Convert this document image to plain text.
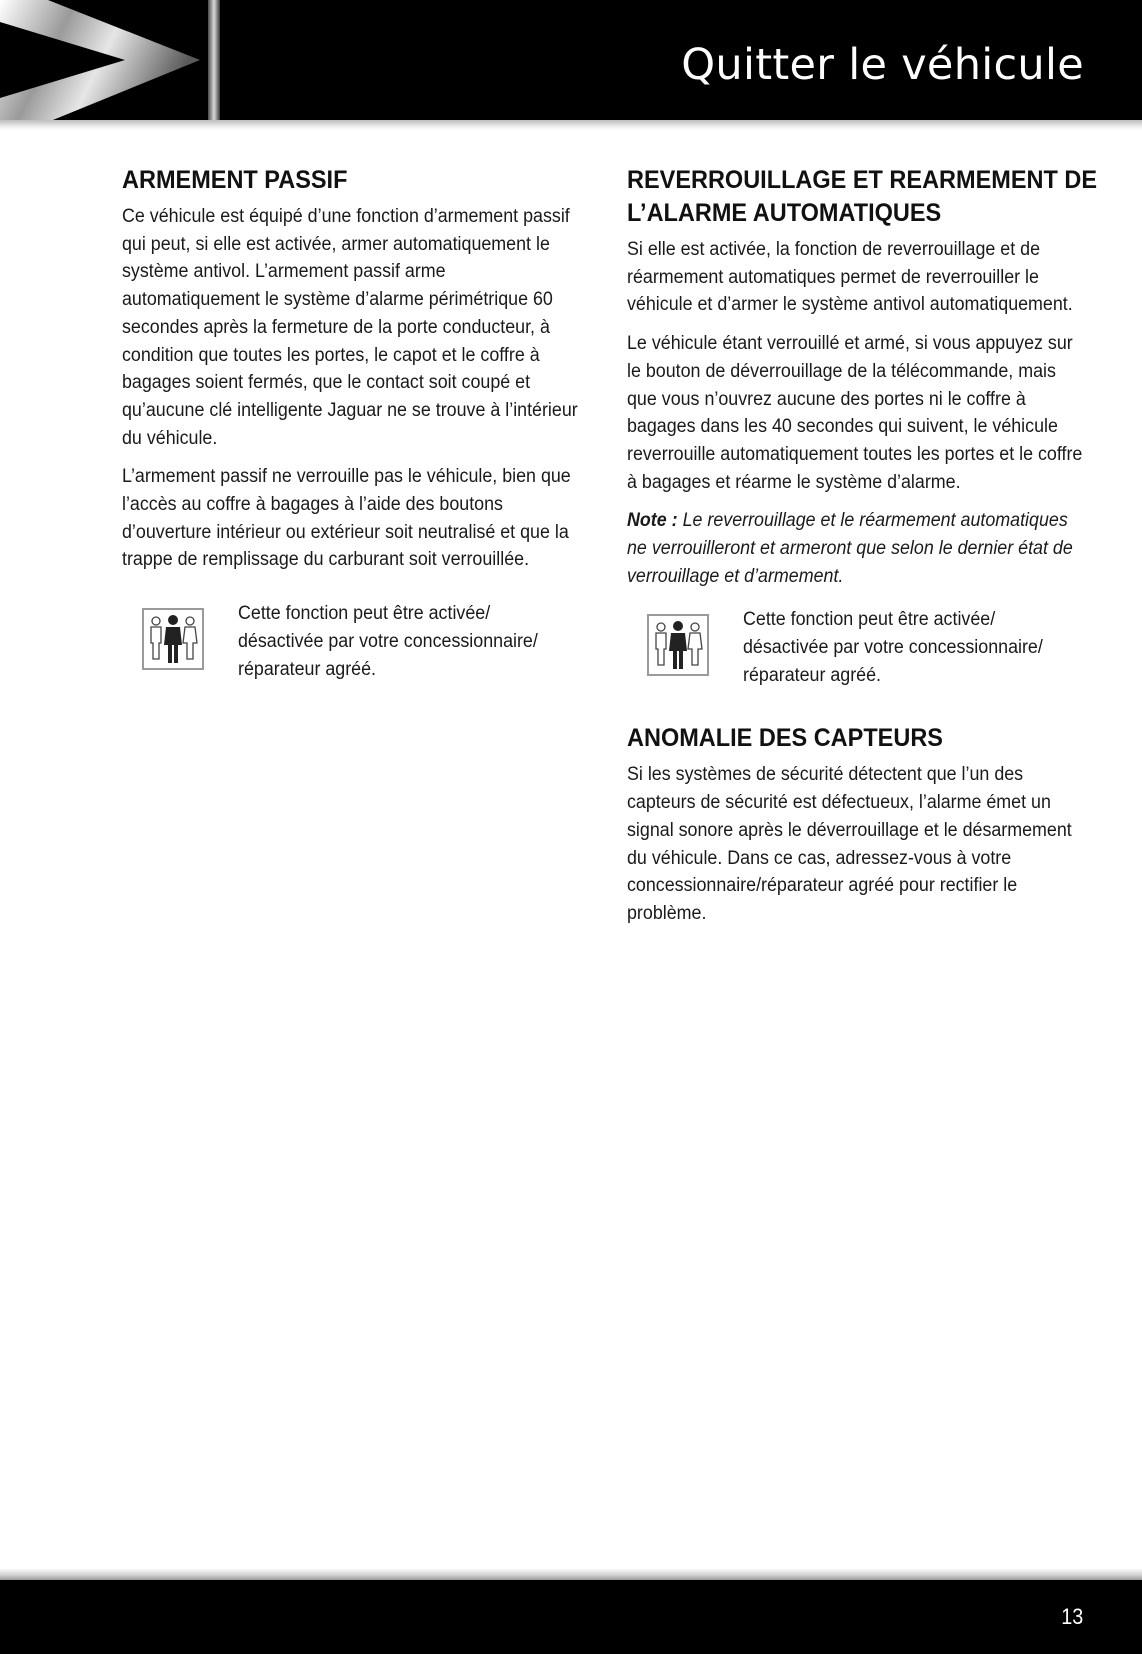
Quitter le véhicule
ARMEMENT PASSIF

Ce véhicule est équipé d’une fonction d’armement passif qui peut, si elle est activée, armer automatiquement le système antivol. L’armement passif arme automatiquement le système d’alarme périmétrique 60 secondes après la fermeture de la porte conducteur, à condition que toutes les portes, le capot et le coffre à bagages soient fermés, que le contact soit coupé et qu’aucune clé intelligente Jaguar ne se trouve à l’intérieur du véhicule.

L’armement passif ne verrouille pas le véhicule, bien que l’accès au coffre à bagages à l’aide des boutons d’ouverture intérieur ou extérieur soit neutralisé et que la trappe de remplissage du carburant soit verrouillée.

Cette fonction peut être activée/ désactivée par votre concessionnaire/ réparateur agréé.

REVERROUILLAGE ET REARMEMENT DE
L’ALARME AUTOMATIQUES

Si elle est activée, la fonction de reverrouillage et de réarmement automatiques permet de reverrouiller le véhicule et d’armer le système antivol automatiquement.

Le véhicule étant verrouillé et armé, si vous appuyez sur le bouton de déverrouillage de la télécommande, mais que vous n’ouvrez aucune des portes ni le coffre à bagages dans les 40 secondes qui suivent, le véhicule reverrouille automatiquement toutes les portes et le coffre à bagages et réarme le système d’alarme.

Note : Le reverrouillage et le réarmement automatiques ne verrouilleront et armeront que selon le dernier état de verrouillage et d’armement.

Cette fonction peut être activée/ désactivée par votre concessionnaire/ réparateur agréé.

ANOMALIE DES CAPTEURS

Si les systèmes de sécurité détectent que l’un des capteurs de sécurité est défectueux, l’alarme émet un signal sonore après le déverrouillage et le désarmement du véhicule. Dans ce cas, adressez-vous à votre concessionnaire/réparateur agréé pour rectifier le problème.

13
